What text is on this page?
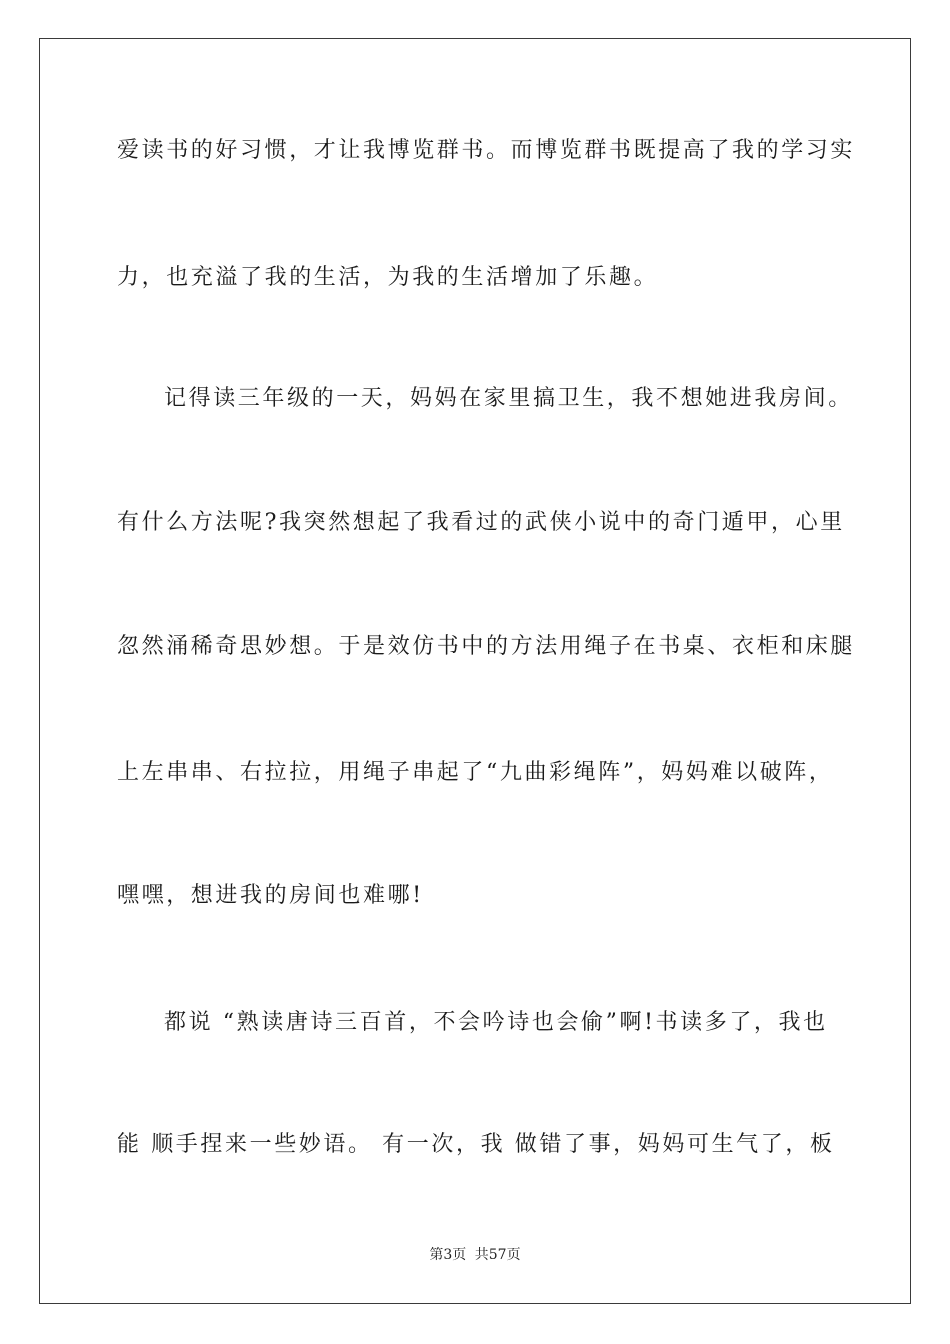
爱读书的好习惯，才让我博览群书。而博览群书既提高了我的学习实
力，也充溢了我的生活，为我的生活增加了乐趣。
记得读三年级的一天，妈妈在家里搞卫生，我不想她进我房间。
有什么方法呢?我突然想起了我看过的武侠小说中的奇门遁甲，心里
忽然涌稀奇思妙想。于是效仿书中的方法用绳子在书桌、衣柜和床腿
上左串串、右拉拉，用绳子串起了“九曲彩绳阵”，妈妈难以破阵，
嘿嘿，想进我的房间也难哪!
都说 “熟读唐诗三百首，不会吟诗也会偷”啊!书读多了，我也
能 顺手捏来一些妙语。 有一次，我 做错了事，妈妈可生气了，板
第3页 共57页
